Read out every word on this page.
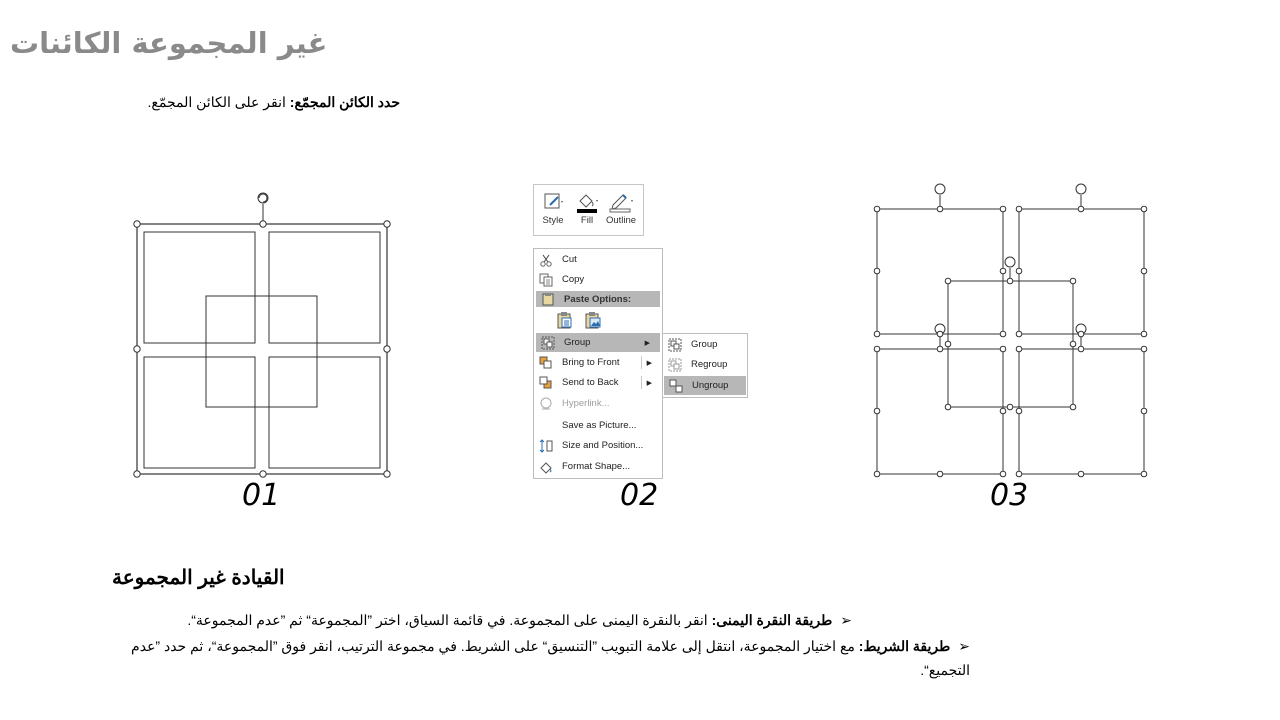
غير المجموعة الكائنات
حدد الكائن المجمّع: انقر على الكائن المجمّع.
01
Style	Fill	Outline
Cut
Copy
Paste Options:
Group	▶
Bring to Front	▶
Send to Back	▶
Hyperlink...
Save as Picture...
Size and Position...
Format Shape...
Group
Regroup
Ungroup
02	03
القيادة غير المجموعة
➢طريقة النقرة اليمنى: انقر بالنقرة اليمنى على المجموعة. في قائمة السياق، اختر ”المجموعة“ ثم ”عدم المجموعة“.
➢طريقة الشريط: مع اختيار المجموعة، انتقل إلى علامة التبويب ”التنسيق“ على الشريط. في مجموعة الترتيب، انقر فوق ”المجموعة“، ثم حدد ”عدم التجميع“.
